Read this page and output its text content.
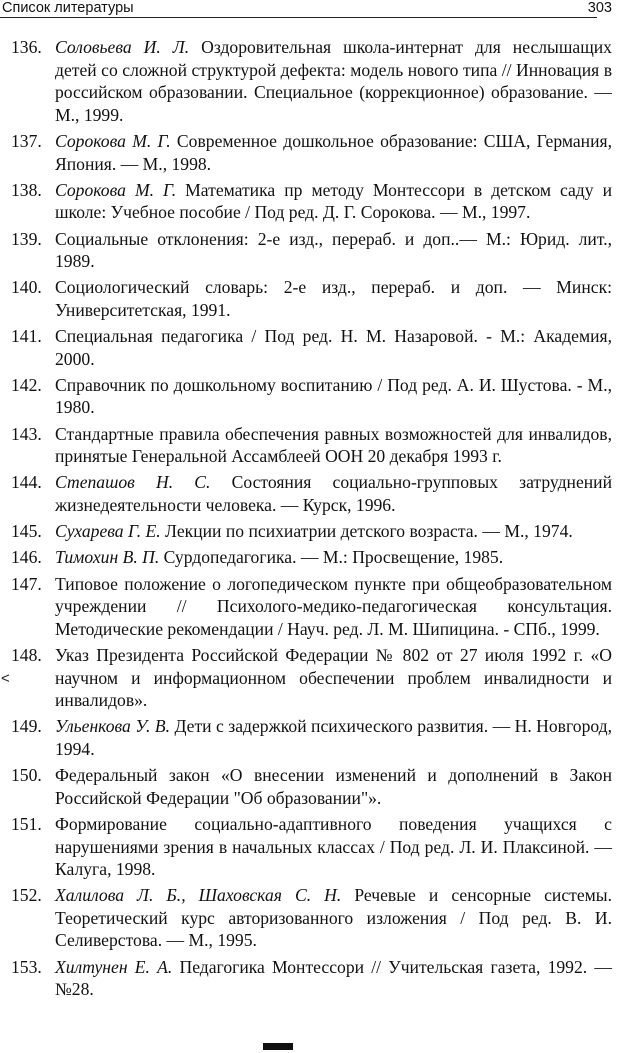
Список литературы	303
136. Соловьева И. Л. Оздоровительная школа-интернат для неслышащих детей со сложной структурой дефекта: модель нового типа // Инновация в российском образовании. Специальное (коррекционное) образование. — М., 1999.
137. Сорокова М. Г. Современное дошкольное образование: США, Германия, Япония. — М., 1998.
138. Сорокова М. Г. Математика пр методу Монтессори в детском саду и школе: Учебное пособие / Под ред. Д. Г. Сорокова. — М., 1997.
139. Социальные отклонения: 2-е изд., перераб. и доп..— М.: Юрид. лит., 1989.
140. Социологический словарь: 2-е изд., перераб. и доп. — Минск: Университетская, 1991.
141. Специальная педагогика / Под ред. Н. М. Назаровой. - М.: Академия, 2000.
142. Справочник по дошкольному воспитанию / Под ред. А. И. Шустова. - М., 1980.
143. Стандартные правила обеспечения равных возможностей для инвалидов, принятые Генеральной Ассамблеей ООН 20 декабря 1993 г.
144. Степашов Н. С. Состояния социально-групповых затруднений жизнедеятельности человека. — Курск, 1996.
145. Сухарева Г. Е. Лекции по психиатрии детского возраста. — М., 1974.
146. Тимохин В. П. Сурдопедагогика. — М.: Просвещение, 1985.
147. Типовое положение о логопедическом пункте при общеобразовательном учреждении // Психолого-медико-педагогическая консультация. Методические рекомендации / Науч. ред. Л. М. Шипицина. - СПб., 1999.
148. Указ Президента Российской Федерации № 802 от 27 июля 1992 г. «О научном и информационном обеспечении проблем инвалидности и инвалидов».
149. Ульенкова У. В. Дети с задержкой психического развития. — Н. Новгород, 1994.
150. Федеральный закон «О внесении изменений и дополнений в Закон Российской Федерации "Об образовании"».
151. Формирование социально-адаптивного поведения учащихся с нарушениями зрения в начальных классах / Под ред. Л. И. Плаксиной. — Калуга, 1998.
152. Халилова Л. Б., Шаховская С. Н. Речевые и сенсорные системы. Теоретический курс авторизованного изложения / Под ред. В. И. Селиверстова. — М., 1995.
153. Хилтунен Е. А. Педагогика Монтессори // Учительская газета, 1992. — №28.
<
